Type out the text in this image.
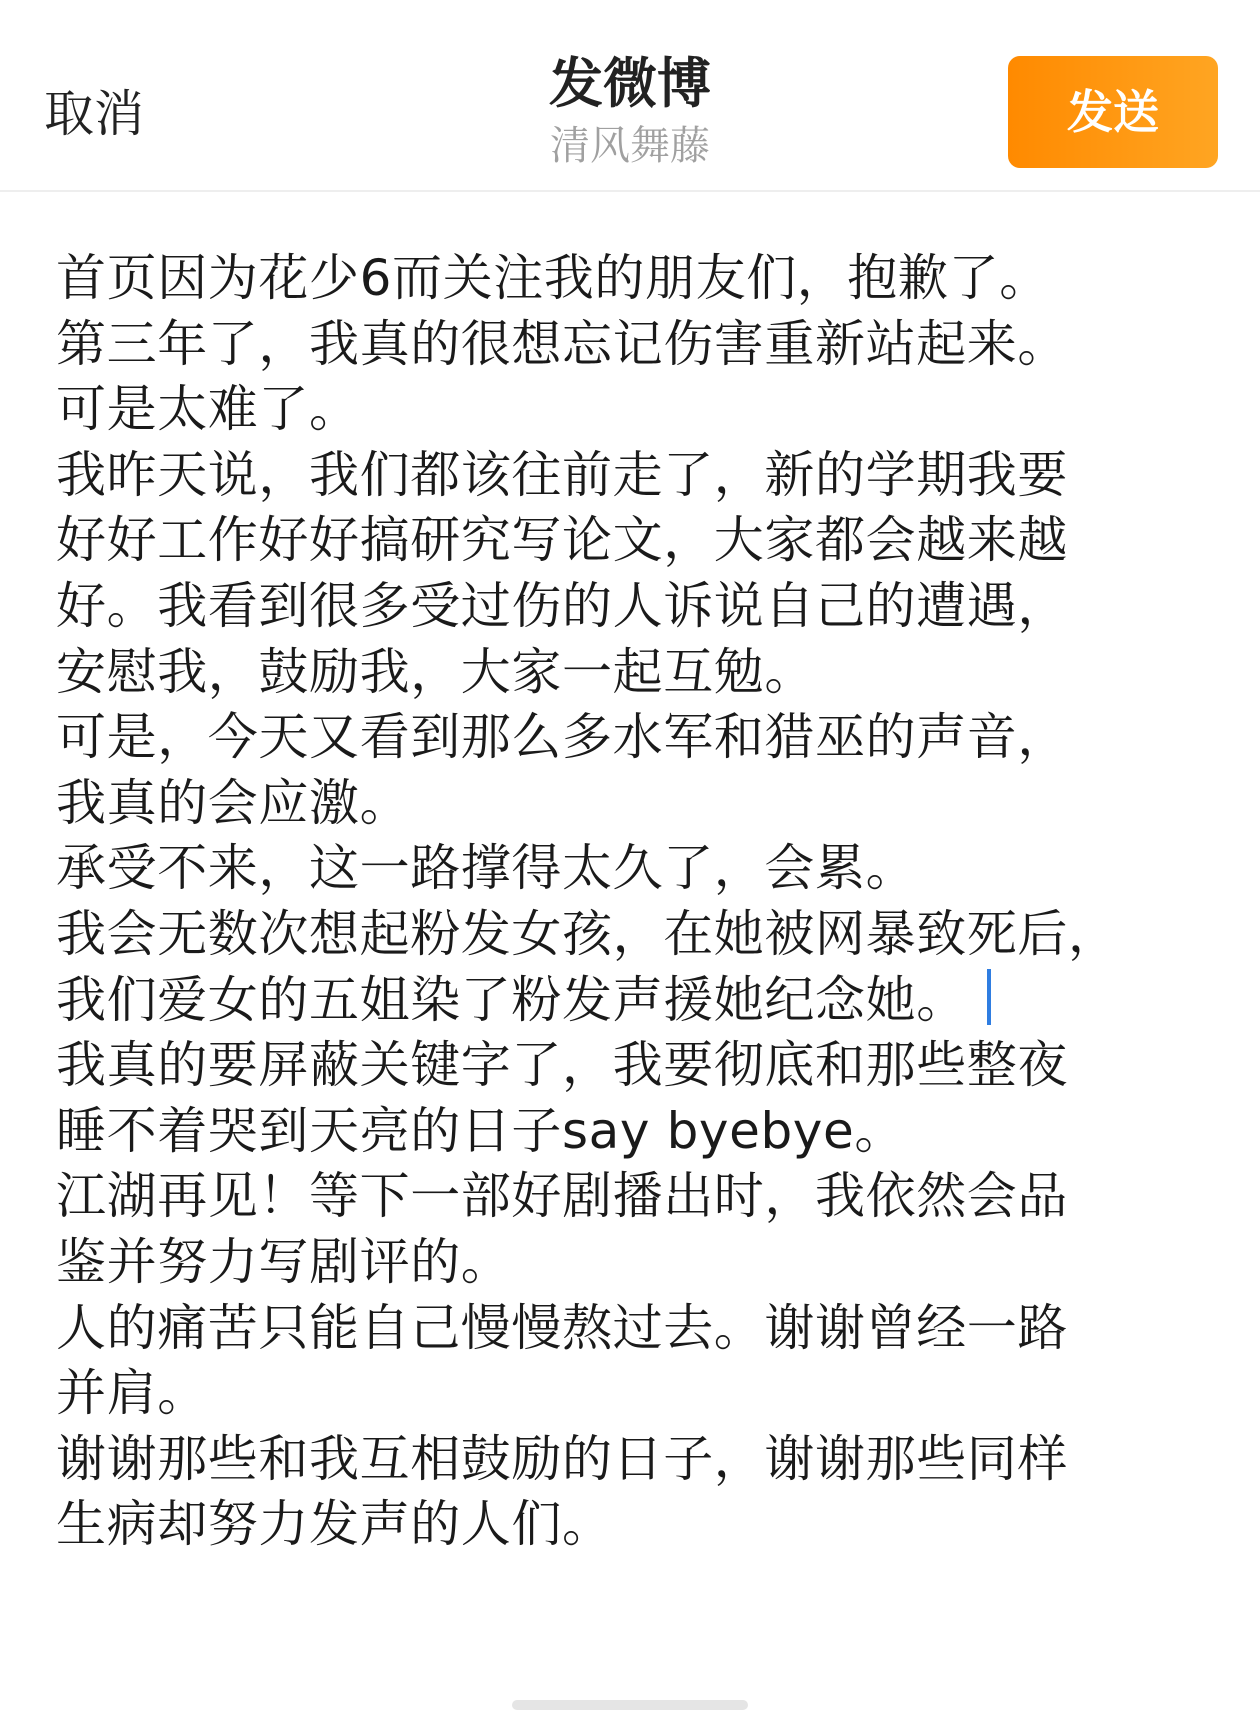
取消	发微博
清风舞藤
发送
首页因为花少6而关注我的朋友们，抱歉了。
第三年了，我真的很想忘记伤害重新站起来。
可是太难了。
我昨天说，我们都该往前走了，新的学期我要
好好工作好好搞研究写论文，大家都会越来越
好。我看到很多受过伤的人诉说自己的遭遇，
安慰我，鼓励我，大家一起互勉。
可是，今天又看到那么多水军和猎巫的声音，
我真的会应激。
承受不来，这一路撑得太久了，会累。
我会无数次想起粉发女孩，在她被网暴致死后，
我们爱女的五姐染了粉发声援她纪念她。
我真的要屏蔽关键字了，我要彻底和那些整夜
睡不着哭到天亮的日子say byebye。
江湖再见！等下一部好剧播出时，我依然会品
鉴并努力写剧评的。
人的痛苦只能自己慢慢熬过去。谢谢曾经一路
并肩。
谢谢那些和我互相鼓励的日子，谢谢那些同样
生病却努力发声的人们。
